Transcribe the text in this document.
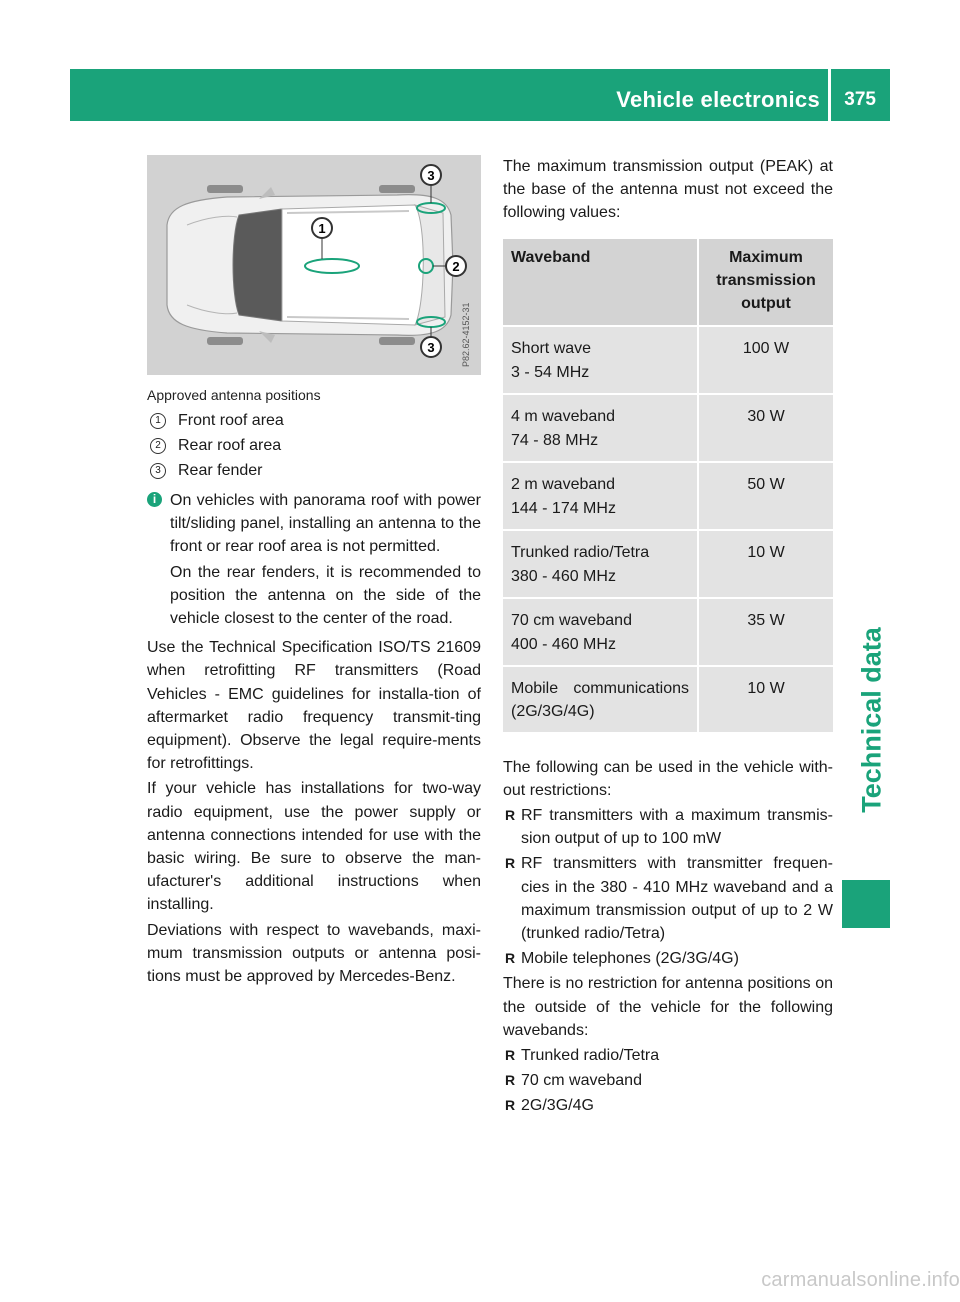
Vehicle electronics 375
Technical data
1
2
3
3	P82.62-4152-31
Approved antenna positions
1	Front roof area
2	Rear roof area
3	Rear fender
i On vehicles with panorama roof with power tilt/sliding panel, installing an antenna to the front or rear roof area is not permitted.

On the rear fenders, it is recommended to position the antenna on the side of the vehicle closest to the center of the road.

Use the Technical Specification ISO/TS 21609 when retrofitting RF transmitters (Road Vehicles - EMC guidelines for installa-tion of aftermarket radio frequency transmit-ting equipment). Observe the legal require-ments for retrofittings.

If your vehicle has installations for two-way radio equipment, use the power supply or antenna connections intended for use with the basic wiring. Be sure to observe the man-ufacturer's additional instructions when installing.

Deviations with respect to wavebands, maxi-mum transmission outputs or antenna posi-tions must be approved by Mercedes-Benz.

The maximum transmission output (PEAK) at the base of the antenna must not exceed the following values:

Waveband	Maximum transmission output

Short wave
3 - 54 MHz	100 W

4 m waveband
74 - 88 MHz	30 W

2 m waveband
144 - 174 MHz	50 W

Trunked radio/Tetra
380 - 460 MHz	10 W

70 cm waveband
400 - 460 MHz	35 W

Mobile communications (2G/3G/4G)	10 W

The following can be used in the vehicle with-out restrictions:

R RF transmitters with a maximum transmis-sion output of up to 100 mW
R RF transmitters with transmitter frequen-cies in the 380 - 410 MHz waveband and a maximum transmission output of up to 2 W (trunked radio/Tetra)
R Mobile telephones (2G/3G/4G)

There is no restriction for antenna positions on the outside of the vehicle for the following wavebands:

R Trunked radio/Tetra
R 70 cm waveband
R 2G/3G/4G
carmanualsonline.info
